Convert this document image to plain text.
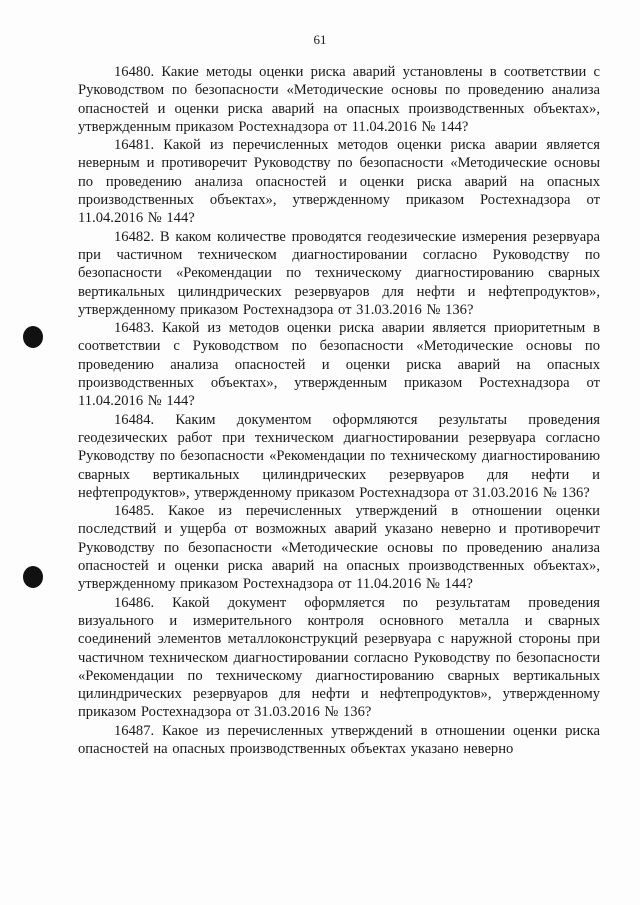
61

16480. Какие методы оценки риска аварий установлены в соответствии с Руководством по безопасности «Методические основы по проведению анализа опасностей и оценки риска аварий на опасных производственных объектах», утвержденным приказом Ростехнадзора от 11.04.2016 № 144?

16481. Какой из перечисленных методов оценки риска аварии является неверным и противоречит Руководству по безопасности «Методические основы по проведению анализа опасностей и оценки риска аварий на опасных производственных объектах», утвержденному приказом Ростехнадзора от 11.04.2016 № 144?

16482. В каком количестве проводятся геодезические измерения резервуара при частичном техническом диагностировании согласно Руководству по безопасности «Рекомендации по техническому диагностированию сварных вертикальных цилиндрических резервуаров для нефти и нефтепродуктов», утвержденному приказом Ростехнадзора от 31.03.2016 № 136?

16483. Какой из методов оценки риска аварии является приоритетным в соответствии с Руководством по безопасности «Методические основы по проведению анализа опасностей и оценки риска аварий на опасных производственных объектах», утвержденным приказом Ростехнадзора от 11.04.2016 № 144?

16484. Каким документом оформляются результаты проведения геодезических работ при техническом диагностировании резервуара согласно Руководству по безопасности «Рекомендации по техническому диагностированию сварных вертикальных цилиндрических резервуаров для нефти и нефтепродуктов», утвержденному приказом Ростехнадзора от 31.03.2016 № 136?

16485. Какое из перечисленных утверждений в отношении оценки последствий и ущерба от возможных аварий указано неверно и противоречит Руководству по безопасности «Методические основы по проведению анализа опасностей и оценки риска аварий на опасных производственных объектах», утвержденному приказом Ростехнадзора от 11.04.2016 № 144?

16486. Какой документ оформляется по результатам проведения визуального и измерительного контроля основного металла и сварных соединений элементов металлоконструкций резервуара с наружной стороны при частичном техническом диагностировании согласно Руководству по безопасности «Рекомендации по техническому диагностированию сварных вертикальных цилиндрических резервуаров для нефти и нефтепродуктов», утвержденному приказом Ростехнадзора от 31.03.2016 № 136?

16487. Какое из перечисленных утверждений в отношении оценки риска опасностей на опасных производственных объектах указано неверно
